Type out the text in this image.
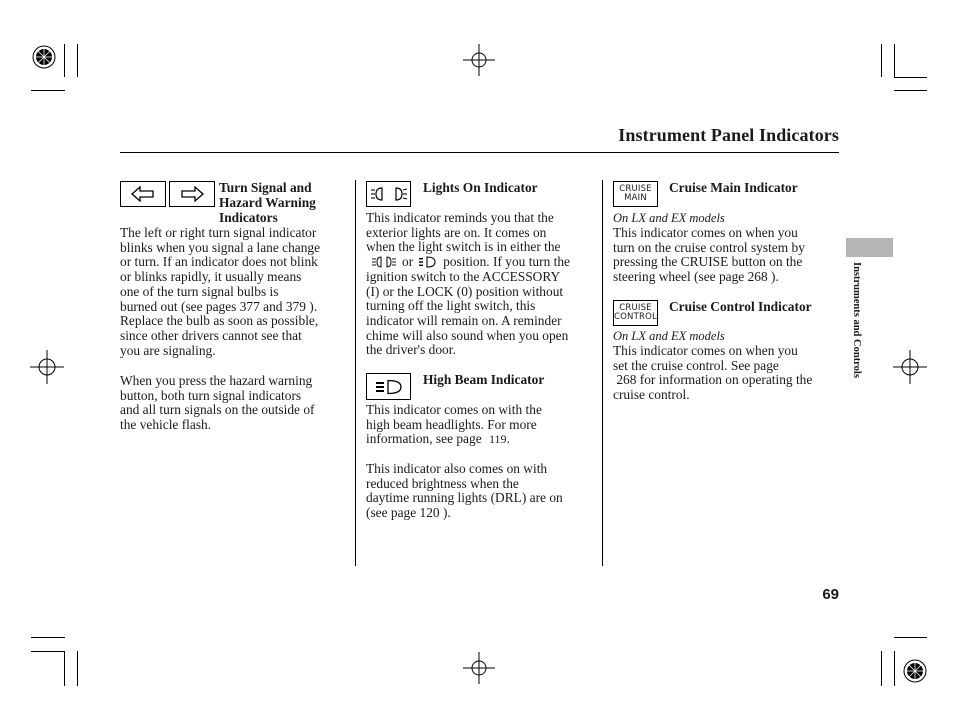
Instrument Panel Indicators
Instruments and Controls
Turn Signal and
Hazard Warning
Indicators
The left or right turn signal indicator
blinks when you signal a lane change
or turn. If an indicator does not blink
or blinks rapidly, it usually means
one of the turn signal bulbs is
burned out (see pages 377 and 379 ).
Replace the bulb as soon as possible,
since other drivers cannot see that
you are signaling.
When you press the hazard warning
button, both turn signal indicators
and all turn signals on the outside of
the vehicle flash.
Lights On Indicator
This indicator reminds you that the
exterior lights are on. It comes on
when the light switch is in either the
or position. If you turn the
ignition switch to the ACCESSORY
(I) or the LOCK (0) position without
turning off the light switch, this
indicator will remain on. A reminder
chime will also sound when you open
the driver's door.
High Beam Indicator
This indicator comes on with the
high beam headlights. For more
information, see page 119.
This indicator also comes on with
reduced brightness when the
daytime running lights (DRL) are on
(see page 120 ).
CRUISE
MAIN
Cruise Main Indicator
On LX and EX models
This indicator comes on when you
turn on the cruise control system by
pressing the CRUISE button on the
steering wheel (see page 268 ).
CRUISE
CONTROL
Cruise Control Indicator
On LX and EX models
This indicator comes on when you
set the cruise control. See page
268 for information on operating the
cruise control.
69
